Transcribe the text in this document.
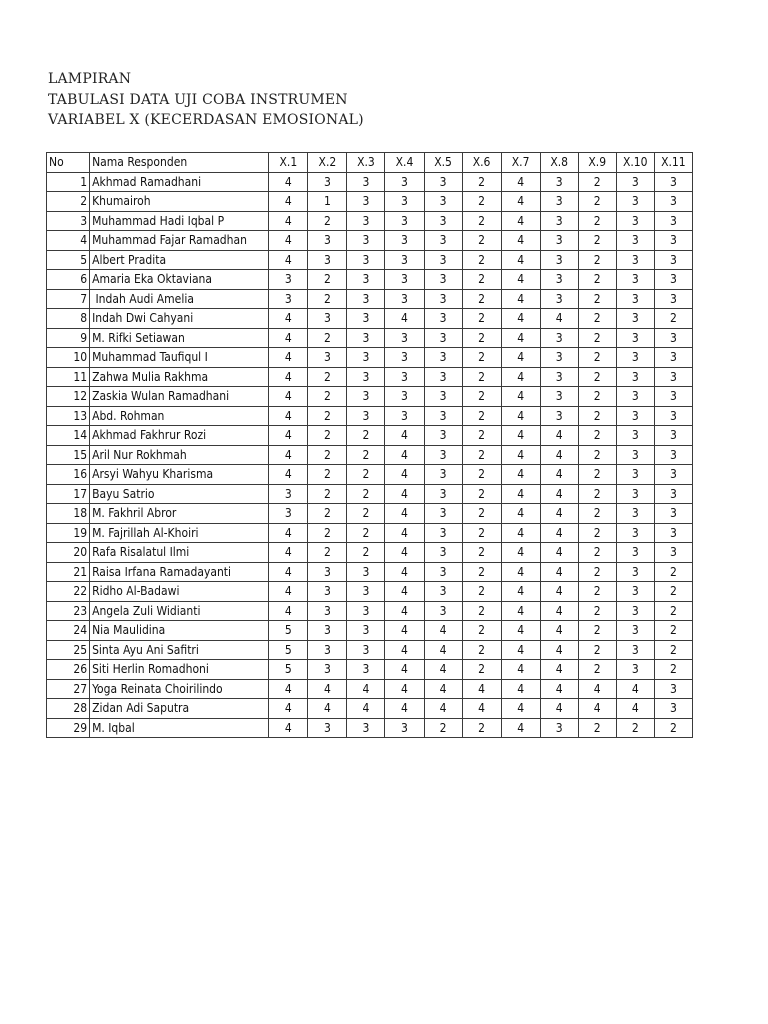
LAMPIRAN
TABULASI DATA UJI COBA INSTRUMEN
VARIABEL X (KECERDASAN EMOSIONAL)
No	Nama Responden	X.1	X.2	X.3	X.4	X.5	X.6	X.7	X.8	X.9	X.10	X.11
1	Akhmad Ramadhani	4	3	3	3	3	2	4	3	2	3	3
2	Khumairoh	4	1	3	3	3	2	4	3	2	3	3
3	Muhammad Hadi Iqbal P	4	2	3	3	3	2	4	3	2	3	3
4	Muhammad Fajar Ramadhan	4	3	3	3	3	2	4	3	2	3	3
5	Albert Pradita	4	3	3	3	3	2	4	3	2	3	3
6	Amaria Eka Oktaviana	3	2	3	3	3	2	4	3	2	3	3
7	Indah Audi Amelia	3	2	3	3	3	2	4	3	2	3	3
8	Indah Dwi Cahyani	4	3	3	4	3	2	4	4	2	3	2
9	M. Rifki Setiawan	4	2	3	3	3	2	4	3	2	3	3
10	Muhammad Taufiqul I	4	3	3	3	3	2	4	3	2	3	3
11	Zahwa Mulia Rakhma	4	2	3	3	3	2	4	3	2	3	3
12	Zaskia Wulan Ramadhani	4	2	3	3	3	2	4	3	2	3	3
13	Abd. Rohman	4	2	3	3	3	2	4	3	2	3	3
14	Akhmad Fakhrur Rozi	4	2	2	4	3	2	4	4	2	3	3
15	Aril Nur Rokhmah	4	2	2	4	3	2	4	4	2	3	3
16	Arsyi Wahyu Kharisma	4	2	2	4	3	2	4	4	2	3	3
17	Bayu Satrio	3	2	2	4	3	2	4	4	2	3	3
18	M. Fakhril Abror	3	2	2	4	3	2	4	4	2	3	3
19	M. Fajrillah Al-Khoiri	4	2	2	4	3	2	4	4	2	3	3
20	Rafa Risalatul Ilmi	4	2	2	4	3	2	4	4	2	3	3
21	Raisa Irfana Ramadayanti	4	3	3	4	3	2	4	4	2	3	2
22	Ridho Al-Badawi	4	3	3	4	3	2	4	4	2	3	2
23	Angela Zuli Widianti	4	3	3	4	3	2	4	4	2	3	2
24	Nia Maulidina	5	3	3	4	4	2	4	4	2	3	2
25	Sinta Ayu Ani Safitri	5	3	3	4	4	2	4	4	2	3	2
26	Siti Herlin Romadhoni	5	3	3	4	4	2	4	4	2	3	2
27	Yoga Reinata Choirilindo	4	4	4	4	4	4	4	4	4	4	3
28	Zidan Adi Saputra	4	4	4	4	4	4	4	4	4	4	3
29	M. Iqbal	4	3	3	3	2	2	4	3	2	2	2
